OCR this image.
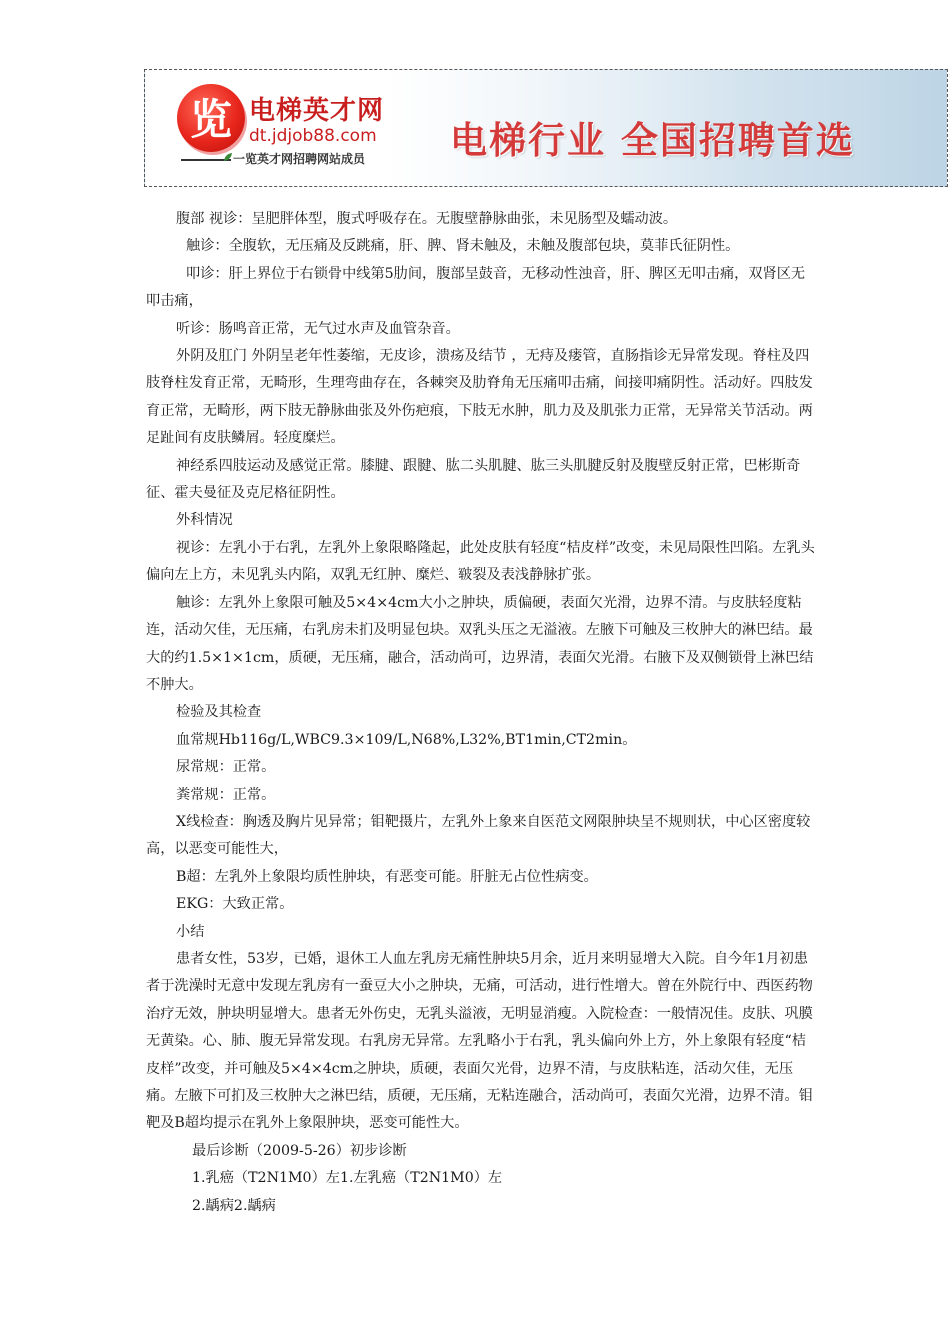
览 电梯英才网
dt.jdjob88.com
一览英才网招聘网站成员 电梯行业 全国招聘首选

腹部 视诊：呈肥胖体型，腹式呼吸存在。无腹壁静脉曲张，未见肠型及蠕动波。

触诊：全腹软，无压痛及反跳痛，肝、脾、肾未触及，未触及腹部包块，莫菲氏征阴性。

叩诊：肝上界位于右锁骨中线第5肋间，腹部呈鼓音，无移动性浊音，肝、脾区无叩击痛，双肾区无叩击痛，

听诊：肠鸣音正常，无气过水声及血管杂音。

外阴及肛门 外阴呈老年性萎缩，无皮诊，溃疡及结节 ，无痔及瘘管，直肠指诊无异常发现。脊柱及四肢脊柱发育正常，无畸形，生理弯曲存在，各棘突及肋脊角无压痛叩击痛，间接叩痛阴性。活动好。四肢发育正常，无畸形，两下肢无静脉曲张及外伤疤痕，下肢无水肿，肌力及及肌张力正常，无异常关节活动。两足趾间有皮肤鳞屑。轻度糜烂。

神经系四肢运动及感觉正常。膝腱、跟腱、肱二头肌腱、肱三头肌腱反射及腹壁反射正常，巴彬斯奇征、霍夫曼征及克尼格征阴性。

外科情况

视诊：左乳小于右乳，左乳外上象限略隆起，此处皮肤有轻度“桔皮样”改变，未见局限性凹陷。左乳头偏向左上方，未见乳头内陷，双乳无红肿、糜烂、皲裂及表浅静脉扩张。

触诊：左乳外上象限可触及5×4×4cm大小之肿块，质偏硬，表面欠光滑，边界不清。与皮肤轻度粘连，活动欠佳，无压痛，右乳房未扪及明显包块。双乳头压之无溢液。左腋下可触及三枚肿大的淋巴结。最大的约1.5×1×1cm，质硬，无压痛，融合，活动尚可，边界清，表面欠光滑。右腋下及双侧锁骨上淋巴结不肿大。

检验及其检查

血常规Hb116g/L,WBC9.3×109/L,N68%,L32%,BT1min,CT2min。

尿常规：正常。

粪常规：正常。

X线检查：胸透及胸片见异常；钼靶摄片，左乳外上象来自医范文网限肿块呈不规则状，中心区密度较高，以恶变可能性大，

B超：左乳外上象限均质性肿块，有恶变可能。肝脏无占位性病变。

EKG：大致正常。

小结

患者女性，53岁，已婚，退休工人血左乳房无痛性肿块5月余，近月来明显增大入院。自今年1月初患者于洗澡时无意中发现左乳房有一蚕豆大小之肿块，无痛，可活动，进行性增大。曾在外院行中、西医药物治疗无效，肿块明显增大。患者无外伤史，无乳头溢液，无明显消瘦。入院检查：一般情况佳。皮肤、巩膜无黄染。心、肺、腹无异常发现。右乳房无异常。左乳略小于右乳，乳头偏向外上方，外上象限有轻度“桔皮样”改变，并可触及5×4×4cm之肿块，质硬，表面欠光骨，边界不清，与皮肤粘连，活动欠佳，无压痛。左腋下可扪及三枚肿大之淋巴结，质硬，无压痛，无粘连融合，活动尚可，表面欠光滑，边界不清。钼靶及B超均提示在乳外上象限肿块，恶变可能性大。

最后诊断（2009-5-26）初步诊断

1.乳癌（T2N1M0）左1.左乳癌（T2N1M0）左

2.龋病2.龋病
